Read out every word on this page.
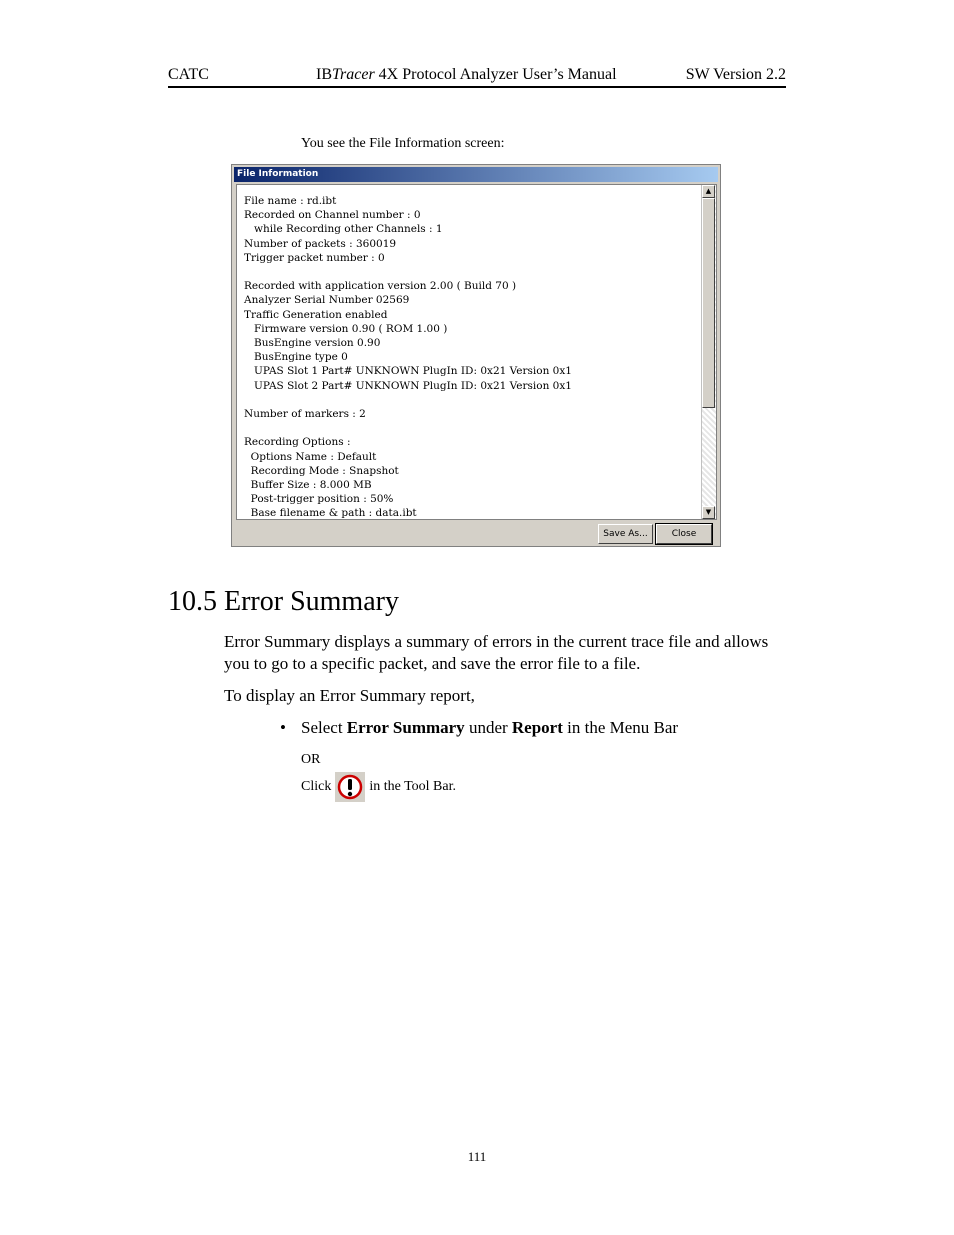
CATC	IBTracer 4X Protocol Analyzer User’s Manual	SW Version 2.2
You see the File Information screen:
File Information
File name : rd.ibt
Recorded on Channel number : 0
while Recording other Channels : 1
Number of packets : 360019
Trigger packet number : 0

Recorded with application version 2.00 ( Build 70 )
Analyzer Serial Number 02569
Traffic Generation enabled
Firmware version 0.90 ( ROM 1.00 )
BusEngine version 0.90
BusEngine type 0
UPAS Slot 1 Part# UNKNOWN PlugIn ID: 0x21 Version 0x1
UPAS Slot 2 Part# UNKNOWN PlugIn ID: 0x21 Version 0x1

Number of markers : 2

Recording Options :
Options Name : Default
Recording Mode : Snapshot
Buffer Size : 8.000 MB
Post-trigger position : 50%
Base filename & path : data.ibt
▲
▼
Save As...	Close
10.5 Error Summary
Error Summary displays a summary of errors in the current trace file and allows you to go to a specific packet, and save the error file to a file.
To display an Error Summary report,
• Select Error Summary under Report in the Menu Bar
OR
Click	in the Tool Bar.
111
